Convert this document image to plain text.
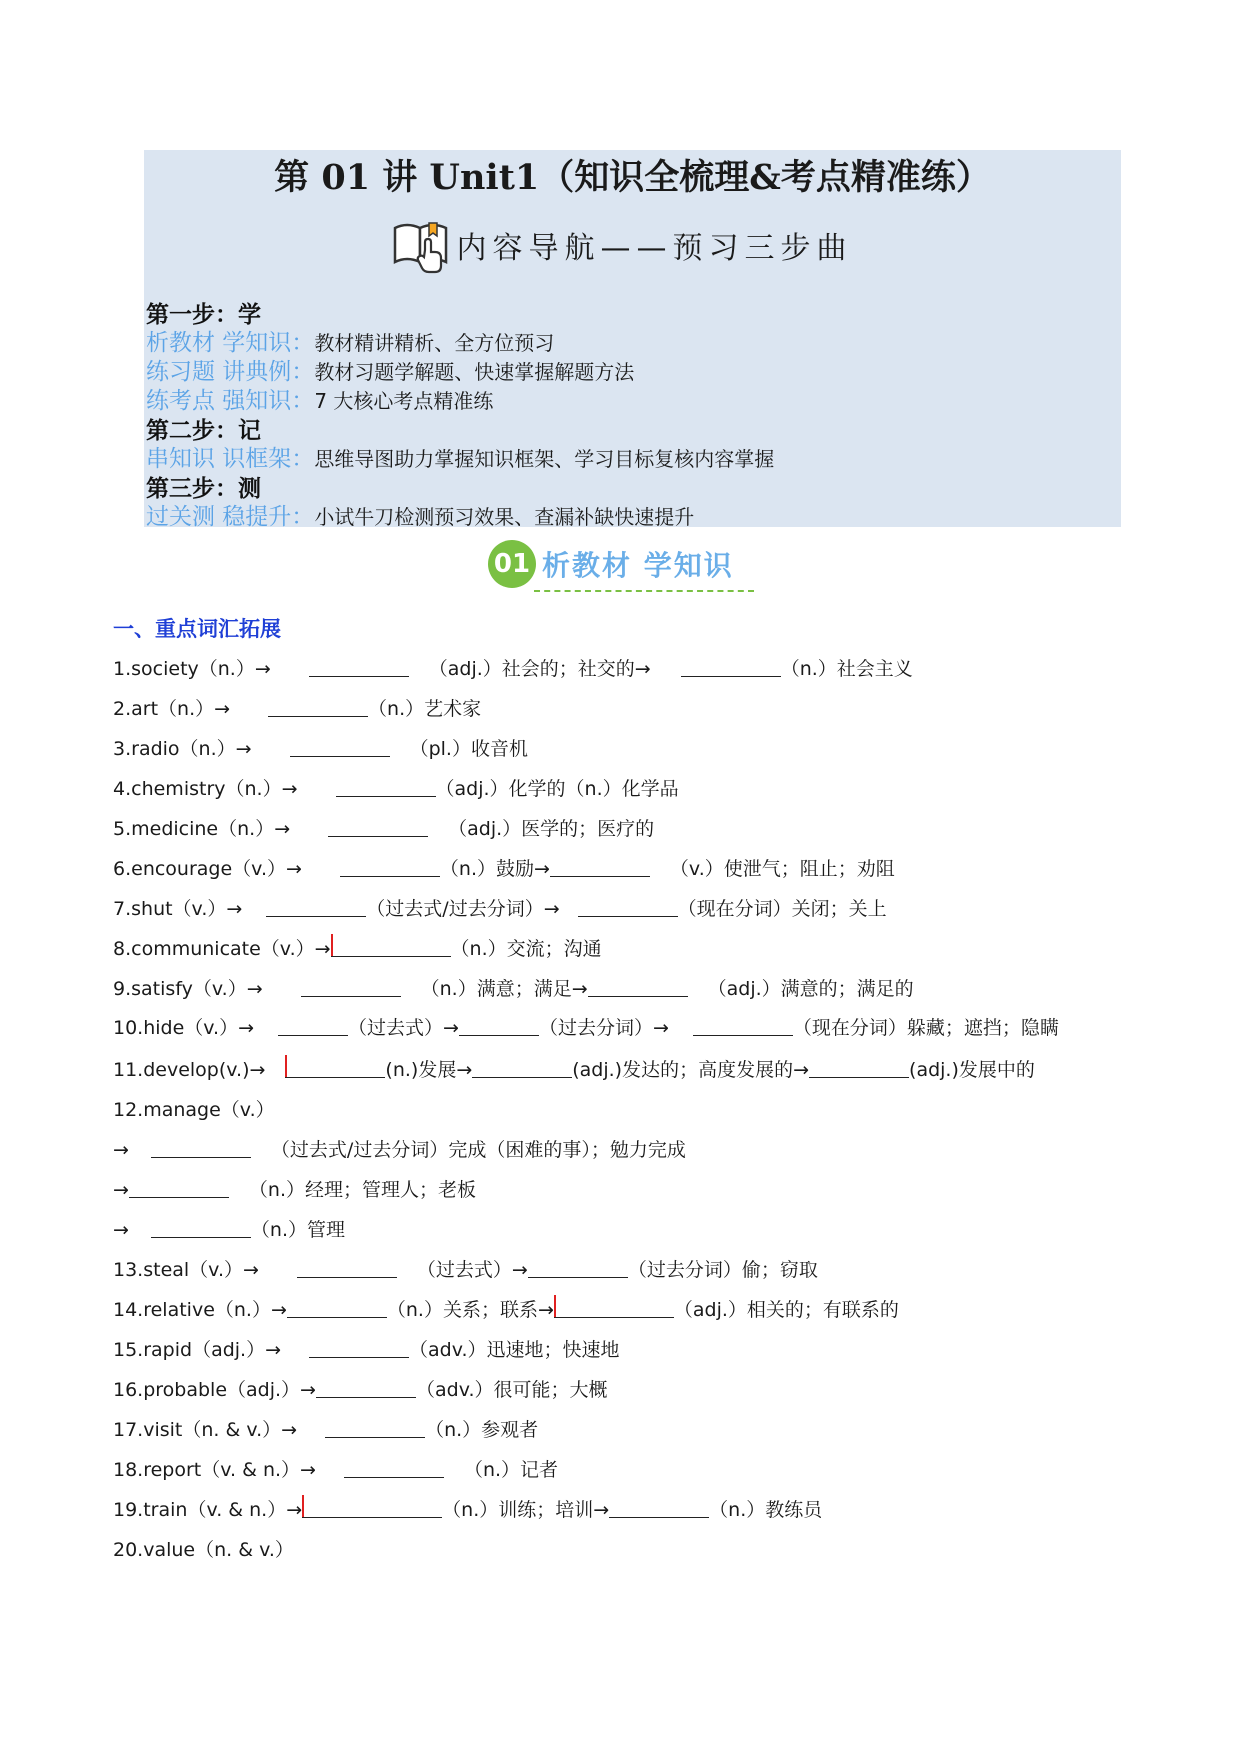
第 01 讲 Unit1（知识全梳理&考点精准练）
内容导航——预习三步曲
第一步：学
析教材 学知识：教材精讲精析、全方位预习
练习题 讲典例：教材习题学解题、快速掌握解题方法
练考点 强知识：7 大核心考点精准练
第二步：记
串知识 识框架：思维导图助力掌握知识框架、学习目标复核内容掌握
第三步：测
过关测 稳提升：小试牛刀检测预习效果、查漏补缺快速提升
01 析教材 学知识
一、重点词汇拓展
1.society（n.）→	（adj.）社会的；社交的→	（n.）社会主义
2.art（n.）→	（n.）艺术家
3.radio（n.）→	（pl.）收音机
4.chemistry（n.）→	（adj.）化学的（n.）化学品
5.medicine（n.）→	（adj.）医学的；医疗的
6.encourage（v.）→	（n.）鼓励→	（v.）使泄气；阻止；劝阻
7.shut（v.）→	（过去式/过去分词）→	（现在分词）关闭；关上
8.communicate（v.）→	（n.）交流；沟通
9.satisfy（v.）→	（n.）满意；满足→	（adj.）满意的；满足的
10.hide（v.）→	（过去式）→	（过去分词）→	（现在分词）躲藏；遮挡；隐瞒
11.develop(v.)→	(n.)发展→	(adj.)发达的；高度发展的→	(adj.)发展中的
12.manage（v.）
→	（过去式/过去分词）完成（困难的事）；勉力完成
→	（n.）经理；管理人；老板
→	（n.）管理
13.steal（v.）→	（过去式）→	（过去分词）偷；窃取
14.relative（n.）→	（n.）关系；联系→	（adj.）相关的；有联系的
15.rapid（adj.）→	（adv.）迅速地；快速地
16.probable（adj.）→	（adv.）很可能；大概
17.visit（n. & v.）→	（n.）参观者
18.report（v. & n.）→	（n.）记者
19.train（v. & n.）→	（n.）训练；培训→	（n.）教练员
20.value（n. & v.）
